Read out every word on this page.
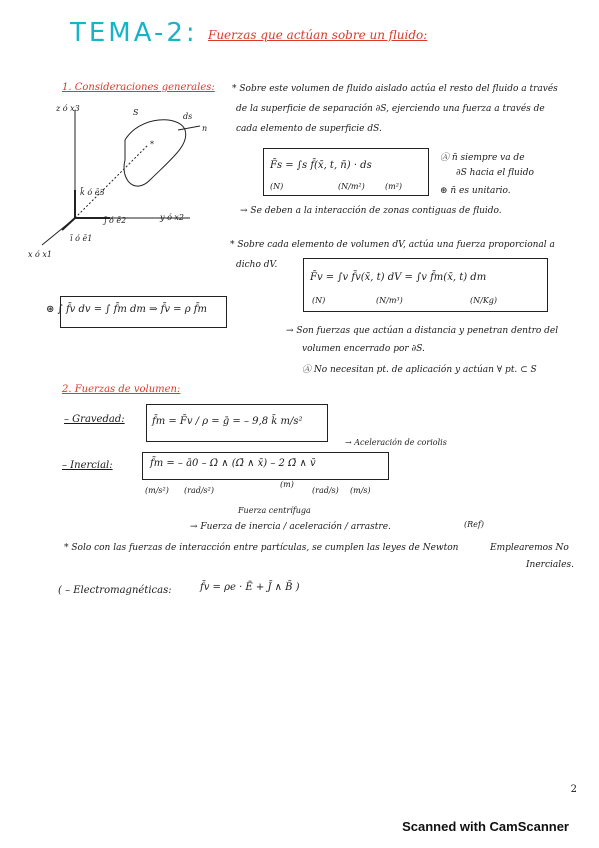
TEMA-2: Fuerzas que actúan sobre un fluido:
1. Consideraciones generales:
z ó x3
y ó x2
x ó x1
k̄ ó ē3
j̄ ó ē2
ī ó ē1
S
n
ds
*
* Sobre este volumen de fluido aislado actúa el resto del fluido a través
de la superficie de separación ∂S, ejerciendo una fuerza a través de
cada elemento de superficie dS.
F̄s = ∫s f̄(x̄, t, n̄) · ds
(N)	(N/m²)	(m²)
Ⓐ n̄ siempre va de
∂S hacia el fluido
⊛ n̄ es unitario.
→ Se deben a la interacción de zonas contiguas de fluido.
* Sobre cada elemento de volumen dV, actúa una fuerza proporcional a
dicho dV.
F̄v = ∫v f̄v(x̄, t) dV = ∫v f̄m(x̄, t) dm
(N)	(N/m³)	(N/Kg)
⊛ ∫ f̄v dv = ∫ f̄m dm ⇒ f̄v = ρ f̄m
→ Son fuerzas que actúan a distancia y penetran dentro del
volumen encerrado por ∂S.
Ⓐ No necesitan pt. de aplicación y actúan ∀ pt. ⊂ S
2. Fuerzas de volumen:
– Gravedad:	f̄m = F̄v / ρ = ḡ = – 9,8 k̄ m/s²
→ Aceleración de coriolis
– Inercial:	f̄m = – ā0 – Ω̇ ∧ (Ω̄ ∧ x̄) – 2 Ω̄ ∧ v̄
(m/s²) (rad/s²)
(m)
(rad/s) (m/s)
Fuerza centrífuga
→ Fuerza de inercia / aceleración / arrastre.
* Solo con las fuerzas de interacción entre partículas, se cumplen las leyes de Newton
(Ref)
Emplearemos No
Inerciales.
( – Electromagnéticas:	f̄v = ρe · Ē + J̄ ∧ B̄ )
2
Scanned with CamScanner
